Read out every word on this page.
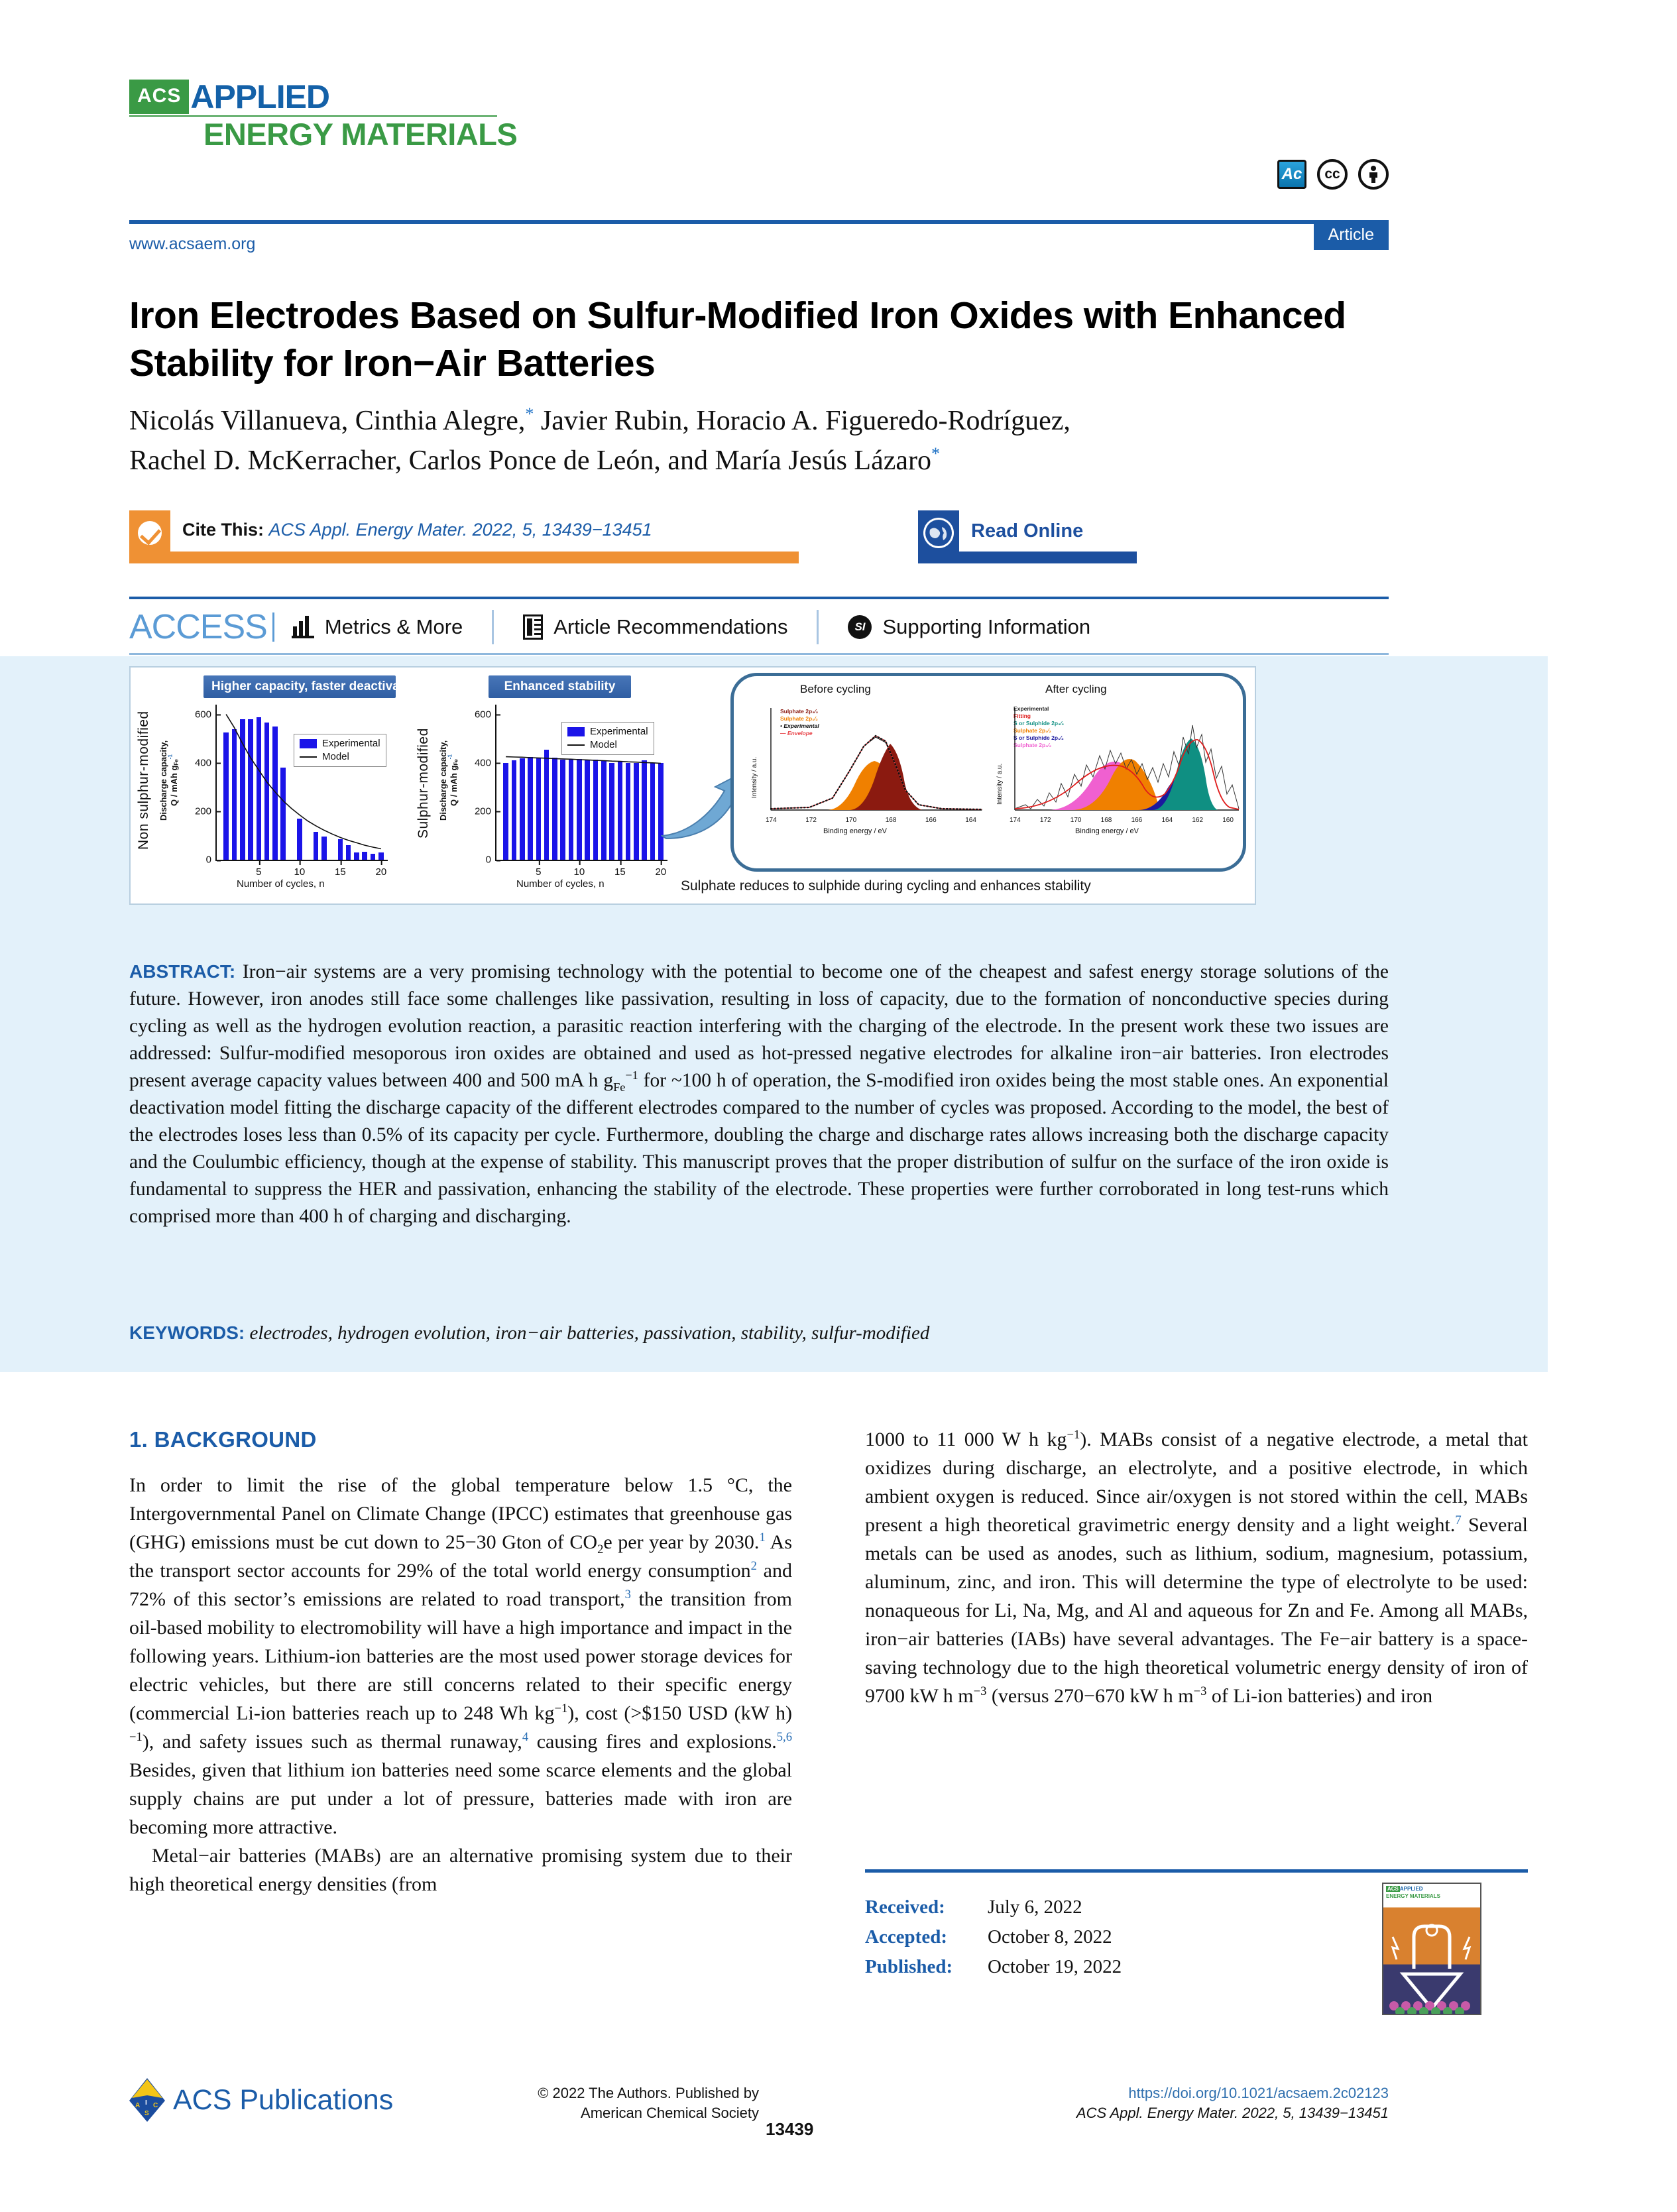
ACS APPLIED
ENERGY MATERIALS
Ac	cc
www.acsaem.org	Article
Iron Electrodes Based on Sulfur-Modified Iron Oxides with Enhanced Stability for Iron−Air Batteries
Nicolás Villanueva, Cinthia Alegre,* Javier Rubin, Horacio A. Figueredo-Rodríguez,
Rachel D. McKerracher, Carlos Ponce de León, and María Jesús Lázaro*
Cite This: ACS Appl. Energy Mater. 2022, 5, 13439−13451	Read Online
ACCESS	Metrics & More	Article Recommendations	SI Supporting Information
Non sulphur-modified Discharge capacity,
Q / mAh $g_{Fe}^{-1}$
Higher capacity, faster deactivation
0
200
400
600
5	10	15	20
Experimental
Model
Number of cycles, n
Sulphur-modified Discharge capacity,
Q / mAh $g_{Fe}^{-1}$
Enhanced stability
0
200
400
600
5	10	15	20
Experimental
Model
Number of cycles, n
Before cycling	After cycling
Intensity / a.u.
Sulphate 2p₃⁄₂
Sulphate 2p₁⁄₂
• Experimental
— Envelope
174	172	170	168	166	164
Binding energy / eV
Intensity / a.u.
Experimental
Fitting
S or Sulphide 2p₃⁄₂
Sulphate 2p₁⁄₂
S or Sulphide 2p₁⁄₂
Sulphate 2p₃⁄₂
174	172	170	168	166	164	162	160
Binding energy / eV
Sulphate reduces to sulphide during cycling and enhances stability
ABSTRACT: Iron−air systems are a very promising technology with the potential to become one of the cheapest and safest energy storage solutions of the future. However, iron anodes still face some challenges like passivation, resulting in loss of capacity, due to the formation of nonconductive species during cycling as well as the hydrogen evolution reaction, a parasitic reaction interfering with the charging of the electrode. In the present work these two issues are addressed: Sulfur-modified mesoporous iron oxides are obtained and used as hot-pressed negative electrodes for alkaline iron−air batteries. Iron electrodes present average capacity values between 400 and 500 mA h $g_{Fe}^{-1}$ for ~100 h of operation, the S-modified iron oxides being the most stable ones. An exponential deactivation model fitting the discharge capacity of the different electrodes compared to the number of cycles was proposed. According to the model, the best of the electrodes loses less than 0.5% of its capacity per cycle. Furthermore, doubling the charge and discharge rates allows increasing both the discharge capacity and the Coulumbic efficiency, though at the expense of stability. This manuscript proves that the proper distribution of sulfur on the surface of the iron oxide is fundamental to suppress the HER and passivation, enhancing the stability of the electrode. These properties were further corroborated in long test-runs which comprised more than 400 h of charging and discharging.
KEYWORDS: electrodes, hydrogen evolution, iron−air batteries, passivation, stability, sulfur-modified
1. BACKGROUND

In order to limit the rise of the global temperature below 1.5 °C, the Intergovernmental Panel on Climate Change (IPCC) estimates that greenhouse gas (GHG) emissions must be cut down to 25−30 Gton of $CO_2e$ per year by 2030.$^1$ As the transport sector accounts for 29% of the total world energy consumption$^2$ and 72% of this sector’s emissions are related to road transport,$^3$ the transition from oil-based mobility to electromobility will have a high importance and impact in the following years. Lithium-ion batteries are the most used power storage devices for electric vehicles, but there are still concerns related to their specific energy (commercial Li-ion batteries reach up to 248 Wh $kg^{-1}$), cost (>$150 USD (kW h)$^{-1}$), and safety issues such as thermal runaway,$^4$ causing fires and explosions.$^{5,6}$ Besides, given that lithium ion batteries need some scarce elements and the global supply chains are put under a lot of pressure, batteries made with iron are becoming more attractive.

Metal−air batteries (MABs) are an alternative promising system due to their high theoretical energy densities (from

1000 to 11 000 W h $kg^{-1}$). MABs consist of a negative electrode, a metal that oxidizes during discharge, an electrolyte, and a positive electrode, in which ambient oxygen is reduced. Since air/oxygen is not stored within the cell, MABs present a high theoretical gravimetric energy density and a light weight.$^7$ Several metals can be used as anodes, such as lithium, sodium, magnesium, potassium, aluminum, zinc, and iron. This will determine the type of electrolyte to be used: nonaqueous for Li, Na, Mg, and Al and aqueous for Zn and Fe. Among all MABs, iron−air batteries (IABs) have several advantages. The Fe−air battery is a space-saving technology due to the high theoretical volumetric energy density of iron of 9700 kW h $m^{-3}$ (versus 270−670 kW h $m^{-3}$ of Li-ion batteries) and iron

Received: July 6, 2022
Accepted: October 8, 2022
Published: October 19, 2022
ACS APPLIED
ENERGY MATERIALS
A I C
S ACS Publications	© 2022 The Authors. Published by
American Chemical Society
13439
https://doi.org/10.1021/acsaem.2c02123
ACS Appl. Energy Mater. 2022, 5, 13439−13451
